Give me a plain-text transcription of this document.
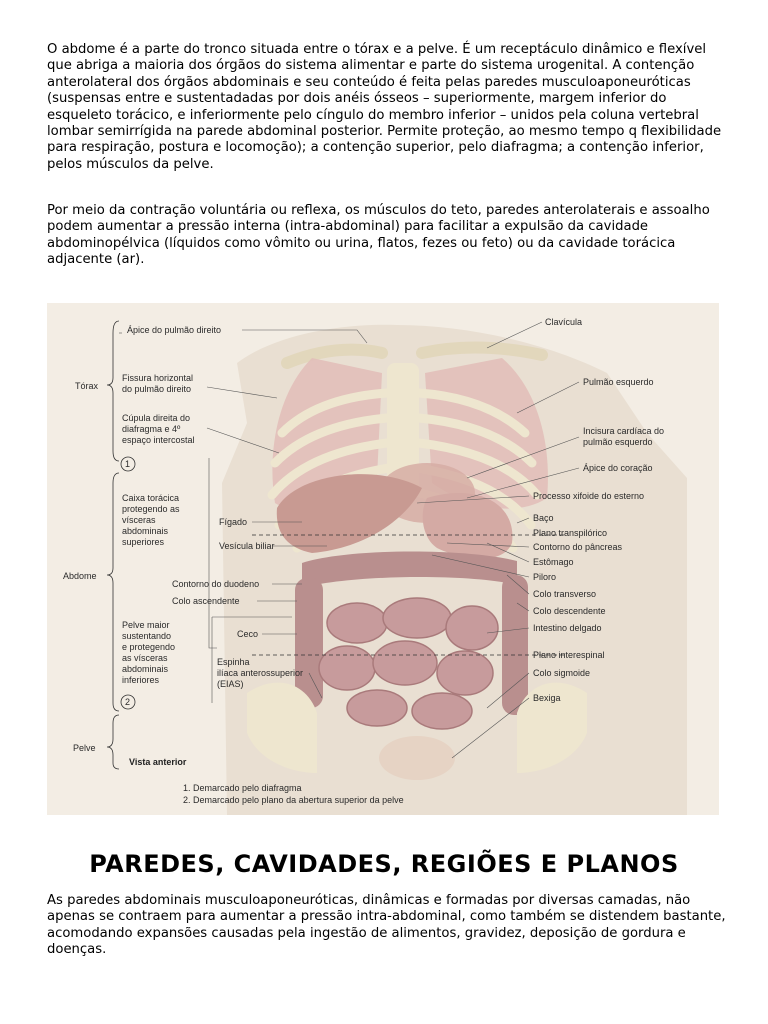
O abdome é a parte do tronco situada entre o tórax e a pelve. É um receptáculo dinâmico e flexível que abriga a maioria dos órgãos do sistema alimentar e parte do sistema urogenital. A contenção anterolateral dos órgãos abdominais e seu conteúdo é feita pelas paredes musculoaponeuróticas (suspensas entre e sustentadadas por dois anéis ósseos – superiormente, margem inferior do esqueleto torácico, e inferiormente pelo cíngulo do membro inferior – unidos pela coluna vertebral lombar semirrígida na parede abdominal posterior. Permite proteção, ao mesmo tempo q flexibilidade para respiração, postura e locomoção); a contenção superior, pelo diafragma; a contenção inferior, pelos músculos da pelve.

Por meio da contração voluntária ou reflexa, os músculos do teto, paredes anterolaterais e assoalho podem aumentar a pressão interna (intra-abdominal) para facilitar a expulsão da cavidade abdominopélvica (líquidos como vômito ou urina, flatos, fezes ou feto) ou da cavidade torácica adjacente (ar).

Tórax
Abdome
Pelve
1
2
Ápice do pulmão direito
Fissura horizontal
do pulmão direito
Cúpula direita do
diafragma e 4º
espaço intercostal
Caixa torácica
protegendo as
vísceras
abdominais
superiores
Fígado
Vesícula biliar
Contorno do duodeno
Colo ascendente
Pelve maior
sustentando
e protegendo
as vísceras
abdominais
inferiores
Ceco
Espinha
ilíaca anterossuperior
(EIAS)
Clavícula
Pulmão esquerdo
Incisura cardíaca do
pulmão esquerdo
Ápice do coração
Processo xifoide do esterno
Baço
Plano transpilórico
Contorno do pâncreas
Estômago
Piloro
Colo transverso
Colo descendente
Intestino delgado
Plano interespinal
Colo sigmoide
Bexiga
Vista anterior
1. Demarcado pelo diafragma
2. Demarcado pelo plano da abertura superior da pelve
PAREDES, CAVIDADES, REGIÕES E PLANOS

As paredes abdominais musculoaponeuróticas, dinâmicas e formadas por diversas camadas, não apenas se contraem para aumentar a pressão intra-abdominal, como também se distendem bastante, acomodando expansões causadas pela ingestão de alimentos, gravidez, deposição de gordura e doenças.
